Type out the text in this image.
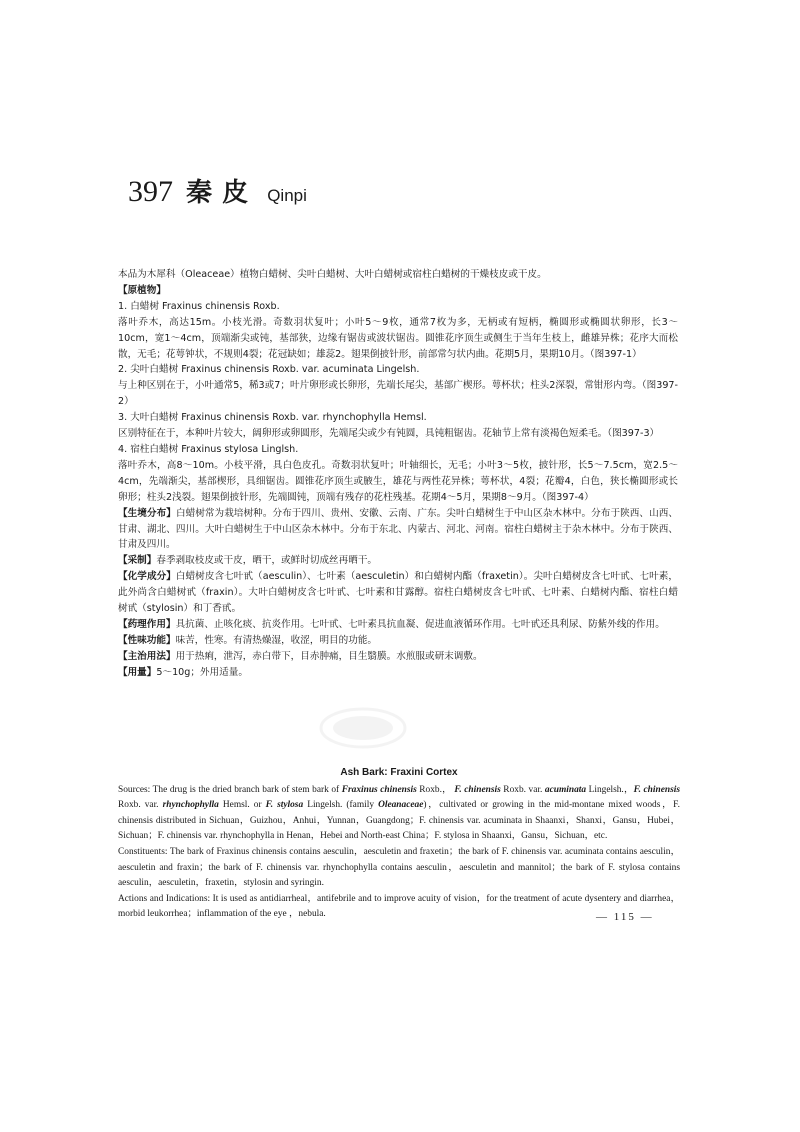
397 秦皮 Qinpi

本品为木犀科（Oleaceae）植物白蜡树、尖叶白蜡树、大叶白蜡树或宿柱白蜡树的干燥枝皮或干皮。

【原植物】

1. 白蜡树 Fraxinus chinensis Roxb.

落叶乔木，高达15m。小枝光滑。奇数羽状复叶；小叶5～9枚，通常7枚为多，无柄或有短柄，椭圆形或椭圆状卵形，长3～10cm，宽1～4cm，顶端渐尖或钝，基部狭，边缘有锯齿或波状锯齿。圆锥花序顶生或侧生于当年生枝上，雌雄异株；花序大而松散，无毛；花萼钟状，不规则4裂；花冠缺如；雄蕊2。翅果倒披针形，前部常匀状内曲。花期5月，果期10月。（图397-1）

2. 尖叶白蜡树 Fraxinus chinensis Roxb. var. acuminata Lingelsh.

与上种区别在于，小叶通常5，稀3或7；叶片卵形或长卵形，先端长尾尖，基部广楔形。萼杯状；柱头2深裂，常钳形内弯。（图397-2）

3. 大叶白蜡树 Fraxinus chinensis Roxb. var. rhynchophylla Hemsl.

区别特征在于，本种叶片较大，阔卵形或卵圆形，先端尾尖或少有钝圆，具钝粗锯齿。花轴节上常有淡褐色短柔毛。（图397-3）

4. 宿柱白蜡树 Fraxinus stylosa Linglsh.

落叶乔木，高8～10m。小枝平滑，具白色皮孔。奇数羽状复叶；叶轴细长，无毛；小叶3～5枚，披针形，长5～7.5cm，宽2.5～4cm，先端渐尖，基部楔形，具细锯齿。圆锥花序顶生或腋生，雄花与两性花异株；萼杯状，4裂；花瓣4，白色，狭长椭圆形或长卵形；柱头2浅裂。翅果倒披针形，先端圆钝，顶端有残存的花柱残基。花期4～5月，果期8～9月。（图397-4）

【生境分布】白蜡树常为栽培树种。分布于四川、贵州、安徽、云南、广东。尖叶白蜡树生于中山区杂木林中。分布于陕西、山西、甘肃、湖北、四川。大叶白蜡树生于中山区杂木林中。分布于东北、内蒙古、河北、河南。宿柱白蜡树主于杂木林中。分布于陕西、甘肃及四川。

【采制】春季剥取枝皮或干皮，晒干，或鲜时切成丝再晒干。

【化学成分】白蜡树皮含七叶甙（aesculin）、七叶素（aesculetin）和白蜡树内酯（fraxetin）。尖叶白蜡树皮含七叶甙、七叶素，此外尚含白蜡树甙（fraxin）。大叶白蜡树皮含七叶甙、七叶素和甘露醇。宿柱白蜡树皮含七叶甙、七叶素、白蜡树内酯、宿柱白蜡树甙（stylosin）和丁香甙。

【药理作用】具抗菌、止咳化痰、抗炎作用。七叶甙、七叶素具抗血凝、促进血液循环作用。七叶甙还具利尿、防紫外线的作用。

【性味功能】味苦，性寒。有清热燥湿，收涩，明目的功能。

【主治用法】用于热痢，泄泻，赤白带下，目赤肿痛，目生翳膜。水煎服或研末调敷。

【用量】5～10g；外用适量。

Ash Bark: Fraxini Cortex

Sources: The drug is the dried branch bark of stem bark of Fraxinus chinensis Roxb.， F. chinensis Roxb. var. acuminata Lingelsh.，F. chinensis Roxb. var. rhynchophylla Hemsl. or F. stylosa Lingelsh. (family Oleanaceae)，cultivated or growing in the mid-montane mixed woods，F. chinensis distributed in Sichuan，Guizhou，Anhui，Yunnan，Guangdong；F. chinensis var. acuminata in Shaanxi，Shanxi，Gansu，Hubei，Sichuan；F. chinensis var. rhynchophylla in Henan，Hebei and North-east China；F. stylosa in Shaanxi，Gansu，Sichuan，etc.

Constituents: The bark of Fraxinus chinensis contains aesculin，aesculetin and fraxetin；the bark of F. chinensis var. acuminata contains aesculin，aesculetin and fraxin；the bark of F. chinensis var. rhynchophylla contains aesculin，aesculetin and mannitol；the bark of F. stylosa contains aesculin，aesculetin，fraxetin，stylosin and syringin.

Actions and Indications: It is used as antidiarrheal，antifebrile and to improve acuity of vision，for the treatment of acute dysentery and diarrhea，morbid leukorrhea；inflammation of the eye ，nebula.	— 115 —
